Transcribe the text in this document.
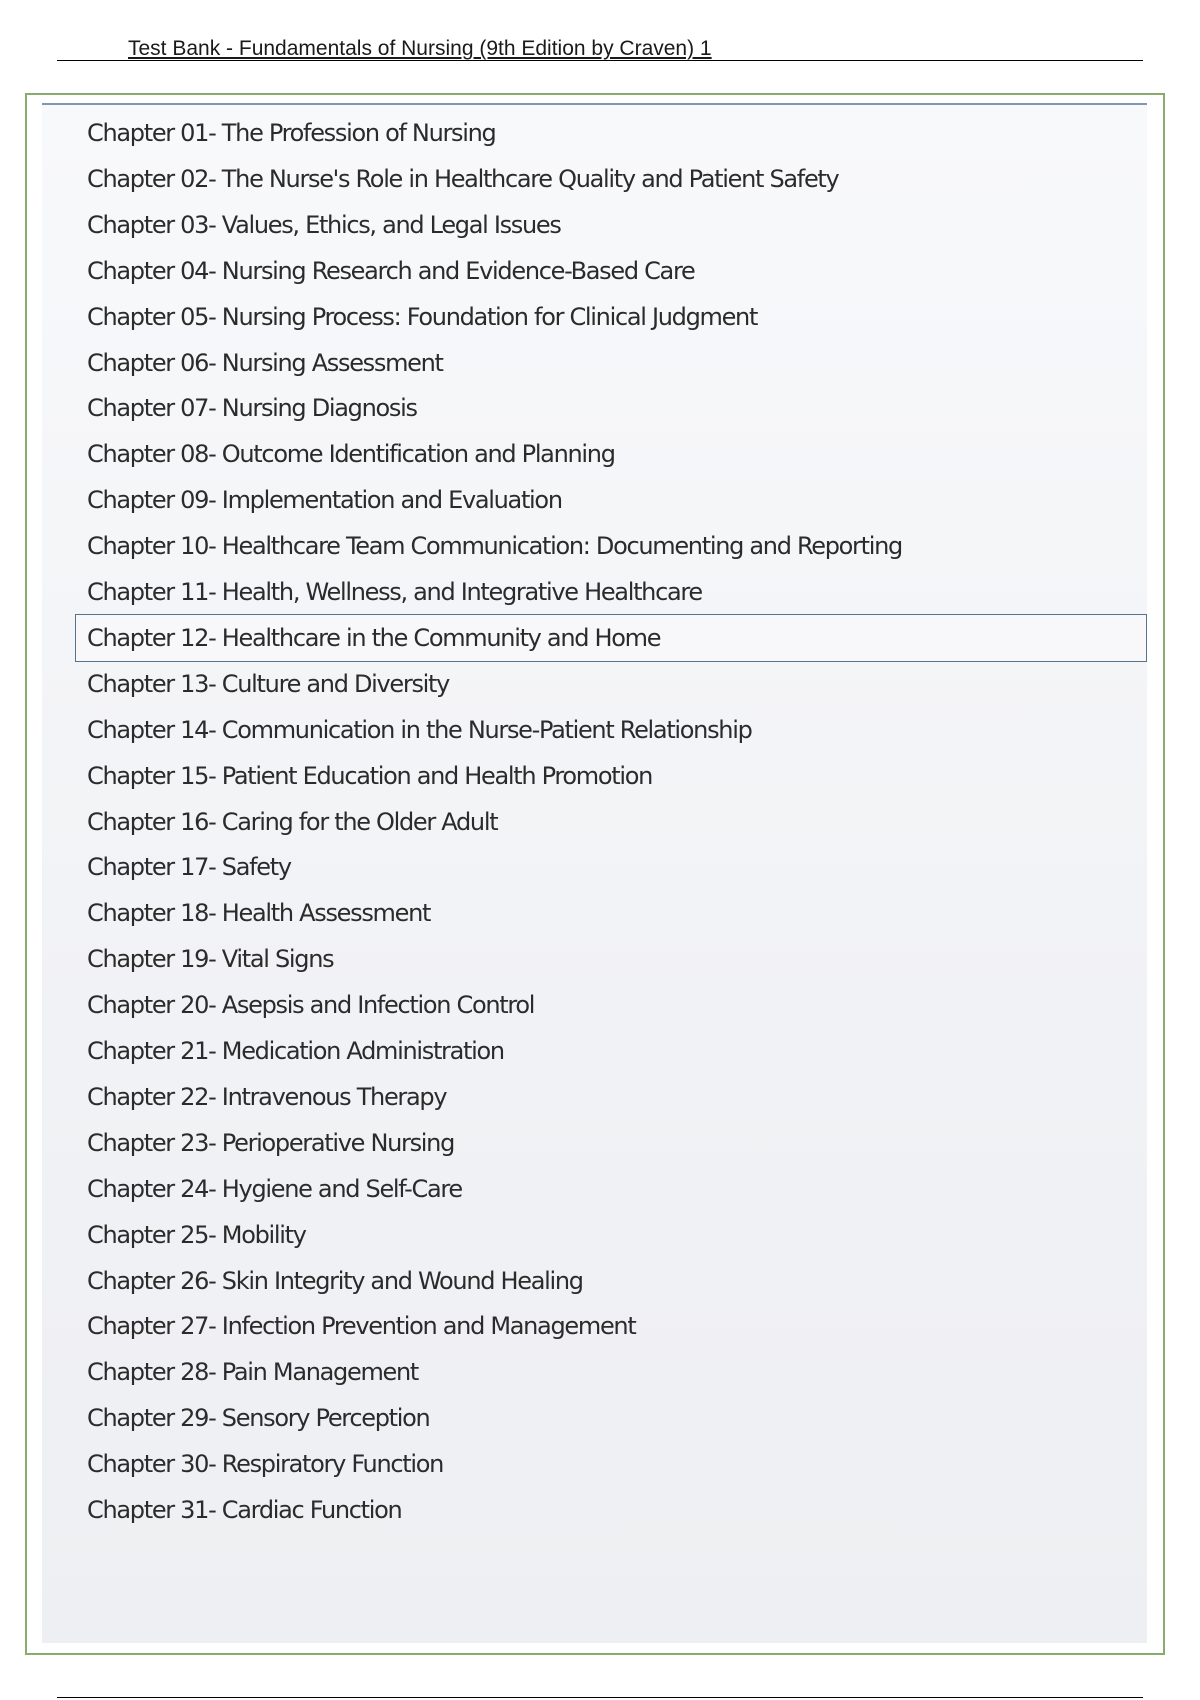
Test Bank - Fundamentals of Nursing (9th Edition by Craven) 1
Chapter 01- The Profession of Nursing
Chapter 02- The Nurse's Role in Healthcare Quality and Patient Safety
Chapter 03- Values, Ethics, and Legal Issues
Chapter 04- Nursing Research and Evidence-Based Care
Chapter 05- Nursing Process: Foundation for Clinical Judgment
Chapter 06- Nursing Assessment
Chapter 07- Nursing Diagnosis
Chapter 08- Outcome Identification and Planning
Chapter 09- Implementation and Evaluation
Chapter 10- Healthcare Team Communication: Documenting and Reporting
Chapter 11- Health, Wellness, and Integrative Healthcare
Chapter 12- Healthcare in the Community and Home
Chapter 13- Culture and Diversity
Chapter 14- Communication in the Nurse-Patient Relationship
Chapter 15- Patient Education and Health Promotion
Chapter 16- Caring for the Older Adult
Chapter 17- Safety
Chapter 18- Health Assessment
Chapter 19- Vital Signs
Chapter 20- Asepsis and Infection Control
Chapter 21- Medication Administration
Chapter 22- Intravenous Therapy
Chapter 23- Perioperative Nursing
Chapter 24- Hygiene and Self-Care
Chapter 25- Mobility
Chapter 26- Skin Integrity and Wound Healing
Chapter 27- Infection Prevention and Management
Chapter 28- Pain Management
Chapter 29- Sensory Perception
Chapter 30- Respiratory Function
Chapter 31- Cardiac Function
